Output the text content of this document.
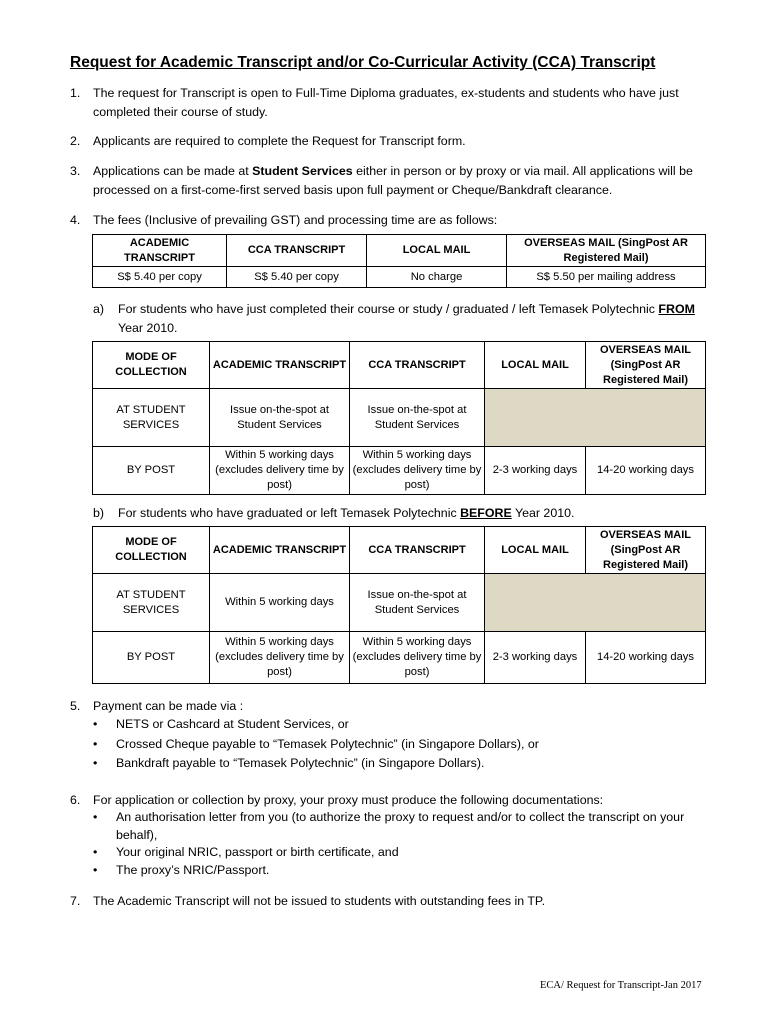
Request for Academic Transcript and/or Co-Curricular Activity (CCA) Transcript
1.	The request for Transcript is open to Full-Time Diploma graduates, ex-students and students who have just completed their course of study.
2.	Applicants are required to complete the Request for Transcript form.
3.	Applications can be made at Student Services either in person or by proxy or via mail. All applications will be processed on a first-come-first served basis upon full payment or Cheque/Bankdraft clearance.
4.	The fees (Inclusive of prevailing GST) and processing time are as follows:
ACADEMIC TRANSCRIPT	CCA TRANSCRIPT	LOCAL MAIL	OVERSEAS MAIL (SingPost AR Registered Mail)
S$ 5.40 per copy	S$ 5.40 per copy	No charge	S$ 5.50 per mailing address
a) For students who have just completed their course or study / graduated / left Temasek Polytechnic FROM Year 2010.
MODE OF COLLECTION	ACADEMIC TRANSCRIPT	CCA TRANSCRIPT	LOCAL MAIL	OVERSEAS MAIL (SingPost AR Registered Mail)
AT STUDENT SERVICES	Issue on-the-spot at Student Services	Issue on-the-spot at Student Services		
BY POST	Within 5 working days (excludes delivery time by post)	Within 5 working days (excludes delivery time by post)	2-3 working days	14-20 working days
b) For students who have graduated or left Temasek Polytechnic BEFORE Year 2010.
MODE OF COLLECTION	ACADEMIC TRANSCRIPT	CCA TRANSCRIPT	LOCAL MAIL	OVERSEAS MAIL (SingPost AR Registered Mail)
AT STUDENT SERVICES	Within 5 working days	Issue on-the-spot at Student Services		
BY POST	Within 5 working days (excludes delivery time by post)	Within 5 working days (excludes delivery time by post)	2-3 working days	14-20 working days
5.	Payment can be made via :
• NETS or Cashcard at Student Services, or
• Crossed Cheque payable to “Temasek Polytechnic” (in Singapore Dollars), or
• Bankdraft payable to “Temasek Polytechnic” (in Singapore Dollars).
6.	For application or collection by proxy, your proxy must produce the following documentations:
• An authorisation letter from you (to authorize the proxy to request and/or to collect the transcript on your behalf),
• Your original NRIC, passport or birth certificate, and
• The proxy’s NRIC/Passport.
7.	The Academic Transcript will not be issued to students with outstanding fees in TP.
ECA/ Request for Transcript-Jan 2017
